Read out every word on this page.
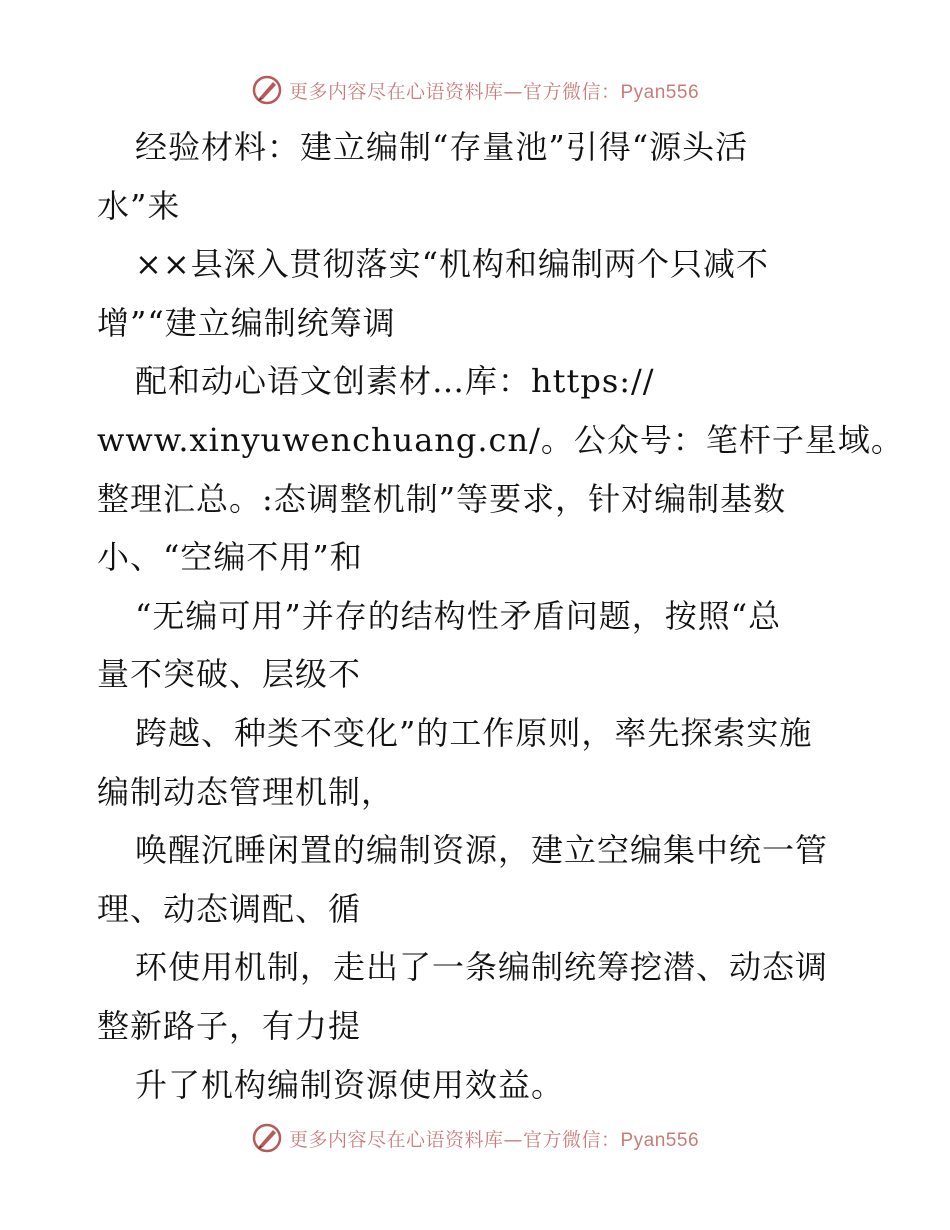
更多内容尽在心语资料库—官方微信：Pyan556
经验材料：建立编制“存量池”引得“源头活
水”来
××县深入贯彻落实“机构和编制两个只减不
增”“建立编制统筹调
配和动心语文创素材…库：https://
www.xinyuwenchuang.cn/。公众号：笔杆子星域。
整理汇总。:态调整机制”等要求，针对编制基数
小、“空编不用”和
“无编可用”并存的结构性矛盾问题，按照“总
量不突破、层级不
跨越、种类不变化”的工作原则，率先探索实施
编制动态管理机制，
唤醒沉睡闲置的编制资源，建立空编集中统一管
理、动态调配、循
环使用机制，走出了一条编制统筹挖潜、动态调
整新路子，有力提
升了机构编制资源使用效益。
更多内容尽在心语资料库—官方微信：Pyan556
